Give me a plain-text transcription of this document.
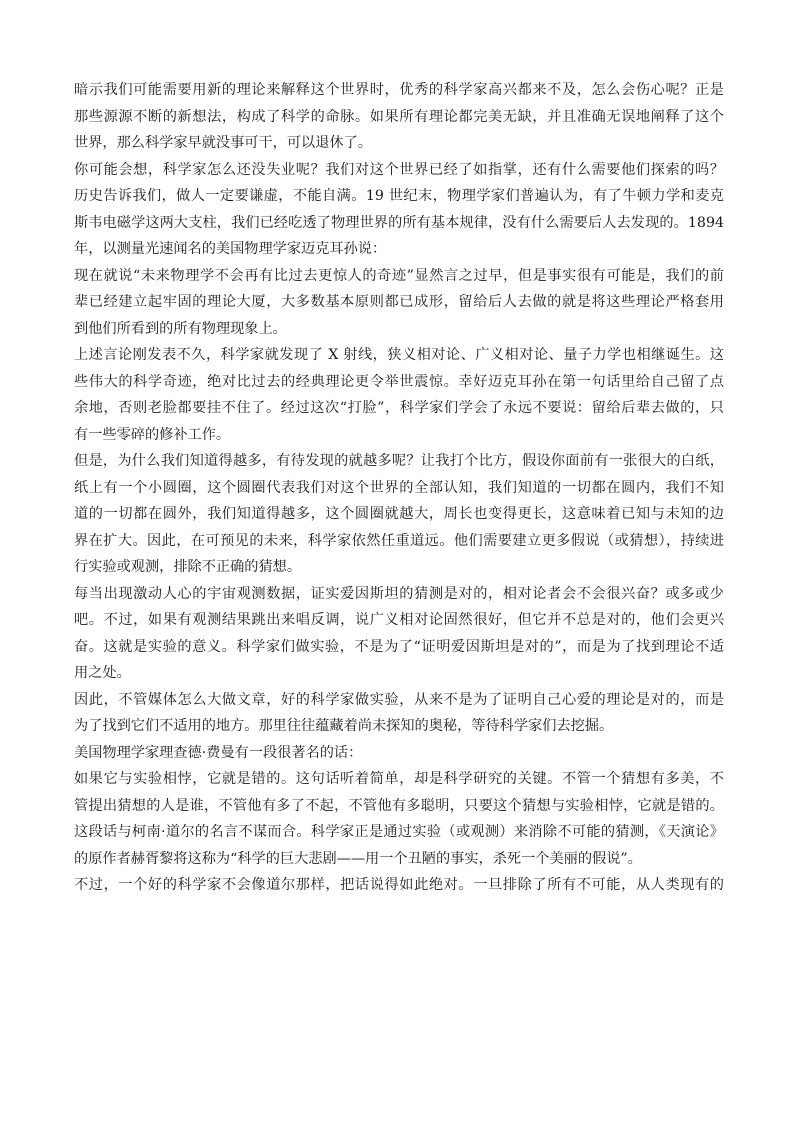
暗示我们可能需要用新的理论来解释这个世界时，优秀的科学家高兴都来不及，怎么会伤心呢？正是
那些源源不断的新想法，构成了科学的命脉。如果所有理论都完美无缺，并且准确无误地阐释了这个
世界，那么科学家早就没事可干，可以退休了。
你可能会想，科学家怎么还没失业呢？我们对这个世界已经了如指掌，还有什么需要他们探索的吗？
历史告诉我们，做人一定要谦虚，不能自满。19 世纪末，物理学家们普遍认为，有了牛顿力学和麦克
斯韦电磁学这两大支柱，我们已经吃透了物理世界的所有基本规律，没有什么需要后人去发现的。1894
年，以测量光速闻名的美国物理学家迈克耳孙说：
现在就说“未来物理学不会再有比过去更惊人的奇迹”显然言之过早，但是事实很有可能是，我们的前
辈已经建立起牢固的理论大厦，大多数基本原则都已成形，留给后人去做的就是将这些理论严格套用
到他们所看到的所有物理现象上。
上述言论刚发表不久，科学家就发现了 X 射线，狭义相对论、广义相对论、量子力学也相继诞生。这
些伟大的科学奇迹，绝对比过去的经典理论更令举世震惊。幸好迈克耳孙在第一句话里给自己留了点
余地，否则老脸都要挂不住了。经过这次“打脸”，科学家们学会了永远不要说：留给后辈去做的，只
有一些零碎的修补工作。
但是，为什么我们知道得越多，有待发现的就越多呢？让我打个比方，假设你面前有一张很大的白纸，
纸上有一个小圆圈，这个圆圈代表我们对这个世界的全部认知，我们知道的一切都在圆内，我们不知
道的一切都在圆外，我们知道得越多，这个圆圈就越大，周长也变得更长，这意味着已知与未知的边
界在扩大。因此，在可预见的未来，科学家依然任重道远。他们需要建立更多假说（或猜想），持续进
行实验或观测，排除不正确的猜想。
每当出现激动人心的宇宙观测数据，证实爱因斯坦的猜测是对的，相对论者会不会很兴奋？或多或少
吧。不过，如果有观测结果跳出来唱反调，说广义相对论固然很好，但它并不总是对的，他们会更兴
奋。这就是实验的意义。科学家们做实验，不是为了“证明爱因斯坦是对的”，而是为了找到理论不适
用之处。
因此，不管媒体怎么大做文章，好的科学家做实验，从来不是为了证明自己心爱的理论是对的，而是
为了找到它们不适用的地方。那里往往蕴藏着尚未探知的奥秘，等待科学家们去挖掘。
美国物理学家理查德·费曼有一段很著名的话：
如果它与实验相悖，它就是错的。这句话听着简单，却是科学研究的关键。不管一个猜想有多美，不
管提出猜想的人是谁，不管他有多了不起，不管他有多聪明，只要这个猜想与实验相悖，它就是错的。
这段话与柯南·道尔的名言不谋而合。科学家正是通过实验（或观测）来消除不可能的猜测，《天演论》
的原作者赫胥黎将这称为“科学的巨大悲剧——用一个丑陋的事实，杀死一个美丽的假说”。
不过，一个好的科学家不会像道尔那样，把话说得如此绝对。一旦排除了所有不可能，从人类现有的
